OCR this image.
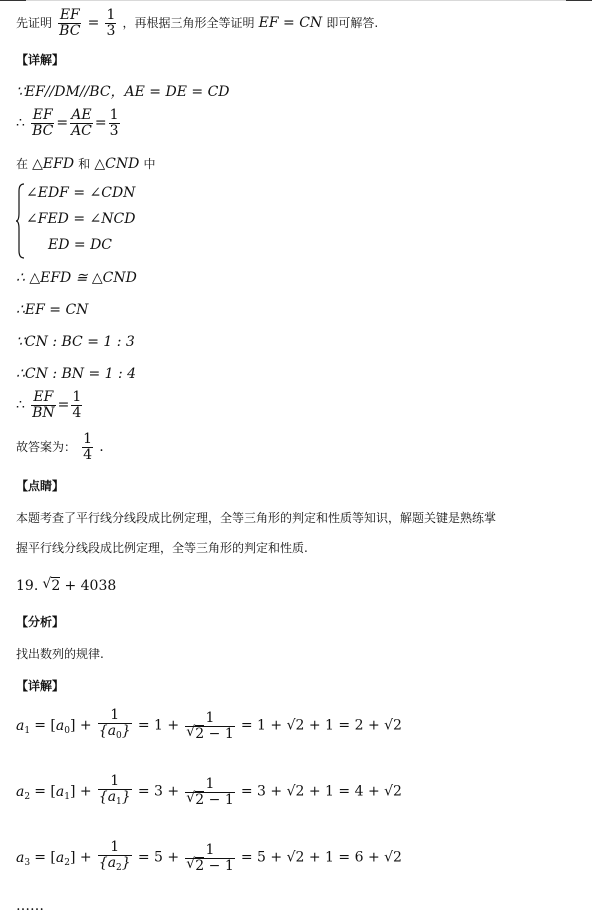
先证明 $\frac{EF}{BC} = \frac{1}{3}$ ，再根据三角形全等证明 EF = CN 即可解答.
【详解】
∵EF//DM//BC，AE = DE = CD
∴ $\frac{EF}{BC} = \frac{AE}{AC} = \frac{1}{3}$
在 △EFD 和 △CND 中
∠EDF = ∠CDN
∠FED = ∠NCD
ED = DC
∴ △EFD ≅ △CND
∴EF = CN
∵CN : BC = 1 : 3
∴CN : BN = 1 : 4
∴ $\frac{EF}{BN} = \frac{1}{4}$
故答案为： $\frac{1}{4}$ .
【点睛】
本题考查了平行线分线段成比例定理，全等三角形的判定和性质等知识，解题关键是熟练掌
握平行线分线段成比例定理，全等三角形的判定和性质.
19. √ 2 + 4038
【分析】
找出数列的规律.
【详解】
$a_1 = [a_0] + \frac{1}{\{a_0\}} = 1 + 1$
√ 2 − 1 = 1 + √2 + 1 = 2 + √2
$a_2 = [a_1] + \frac{1}{\{a_1\}} = 3 + 1$
√ 2 − 1 = 3 + √2 + 1 = 4 + √2
$a_3 = [a_2] + \frac{1}{\{a_2\}} = 5 + 1$
√ 2 − 1 = 5 + √2 + 1 = 6 + √2
……
